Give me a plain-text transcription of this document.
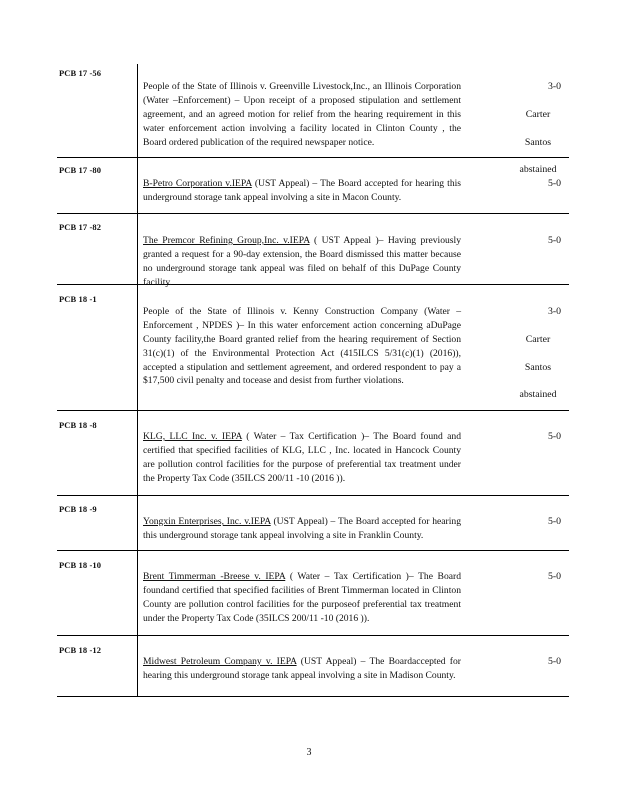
PCB 17 -56

People of the State of Illinois v. Greenville Livestock,Inc., an Illinois Corporation (Water –Enforcement) – Upon receipt of a proposed stipulation and settlement agreement, and an agreed motion for relief from the hearing requirement in this water enforcement action involving a facility located in Clinton County , the Board ordered publication of the required newspaper notice.

3-0

Carter

Santos

abstained

PCB 17 -80

B-Petro Corporation v.IEPA (UST Appeal) – The Board accepted for hearing this underground storage tank appeal involving a site in Macon County.

5-0

PCB 17 -82

The Premcor Refining Group,Inc. v.IEPA ( UST Appeal )– Having previously granted a request for a 90-day extension, the Board dismissed this matter because no underground storage tank appeal was filed on behalf of this DuPage County facility.

5-0

PCB 18 -1

People of the State of Illinois v. Kenny Construction Company (Water –Enforcement , NPDES )– In this water enforcement action concerning aDuPage County facility,the Board granted relief from the hearing requirement of Section 31(c)(1) of the Environmental Protection Act (415ILCS 5/31(c)(1) (2016)), accepted a stipulation and settlement agreement, and ordered respondent to pay a $17,500 civil penalty and tocease and desist from further violations.

3-0

Carter

Santos

abstained

PCB 18 -8

KLG, LLC Inc. v. IEPA ( Water – Tax Certification )– The Board found and certified that specified facilities of KLG, LLC , Inc. located in Hancock County are pollution control facilities for the purpose of preferential tax treatment under the Property Tax Code (35ILCS 200/11 -10 (2016 )).

5-0

PCB 18 -9

Yongxin Enterprises, Inc. v.IEPA (UST Appeal) – The Board accepted for hearing this underground storage tank appeal involving a site in Franklin County.

5-0

PCB 18 -10

Brent Timmerman -Breese v. IEPA ( Water – Tax Certification )– The Board foundand certified that specified facilities of Brent Timmerman located in Clinton County are pollution control facilities for the purposeof preferential tax treatment under the Property Tax Code (35ILCS 200/11 -10 (2016 )).

5-0

PCB 18 -12

Midwest Petroleum Company v. IEPA (UST Appeal) – The Boardaccepted for hearing this underground storage tank appeal involving a site in Madison County.

5-0

3
